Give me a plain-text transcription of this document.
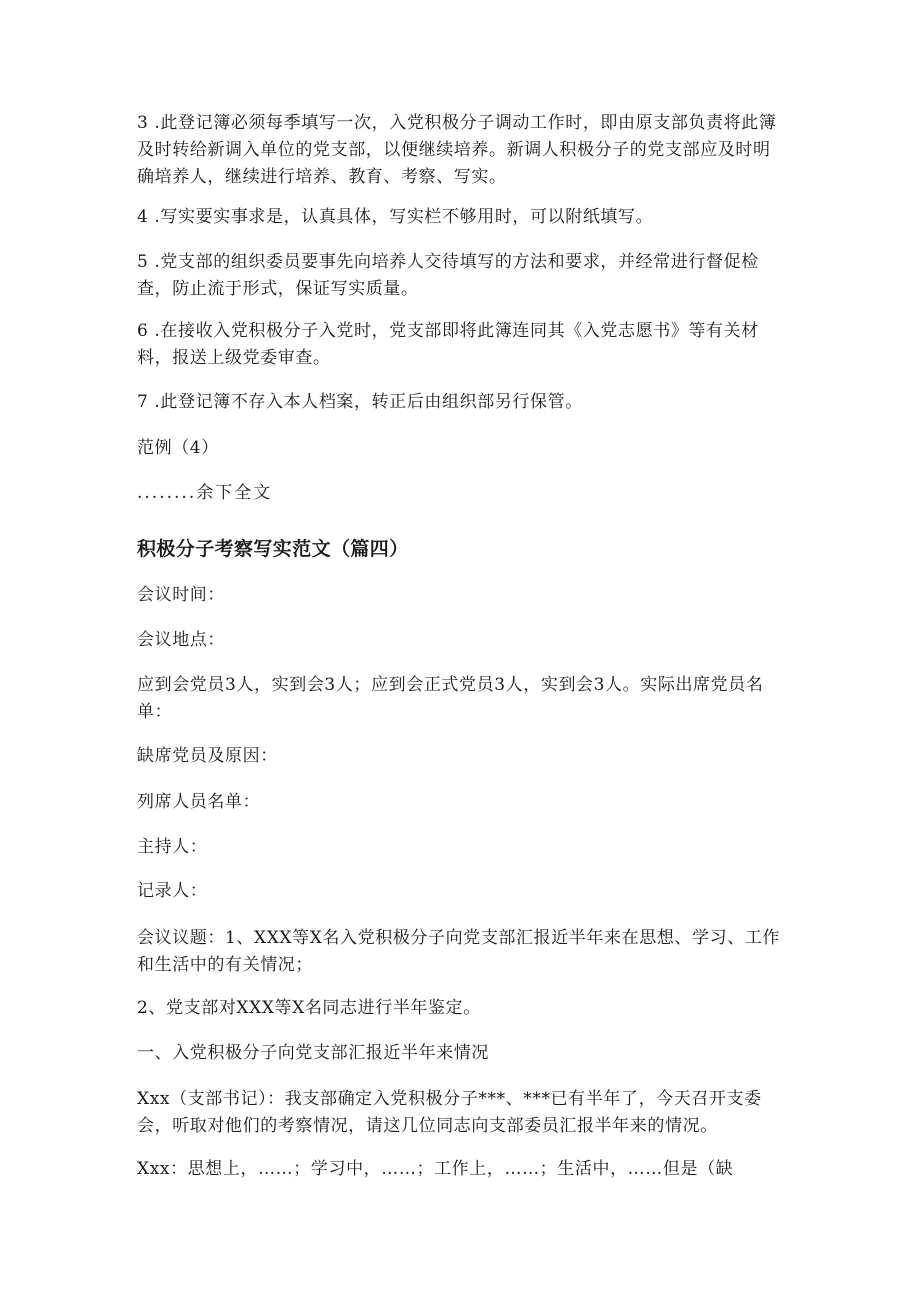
3 .此登记簿必须每季填写一次，入党积极分子调动工作时，即由原支部负责将此簿及时转给新调入单位的党支部，以便继续培养。新调人积极分子的党支部应及时明确培养人，继续进行培养、教育、考察、写实。
4 .写实要实事求是，认真具体，写实栏不够用时，可以附纸填写。
5 .党支部的组织委员要事先向培养人交待填写的方法和要求，并经常进行督促检查，防止流于形式，保证写实质量。
6 .在接收入党积极分子入党时，党支部即将此簿连同其《入党志愿书》等有关材料，报送上级党委审查。
7 .此登记簿不存入本人档案，转正后由组织部另行保管。
范例（4）
........余下全文
积极分子考察写实范文（篇四）
会议时间：
会议地点：
应到会党员3人，实到会3人；应到会正式党员3人，实到会3人。实际出席党员名单：
缺席党员及原因：
列席人员名单：
主持人：
记录人：
会议议题：1、XXX等X名入党积极分子向党支部汇报近半年来在思想、学习、工作和生活中的有关情况；
2、党支部对XXX等X名同志进行半年鉴定。
一、入党积极分子向党支部汇报近半年来情况
Xxx（支部书记）：我支部确定入党积极分子***、***已有半年了，今天召开支委会，听取对他们的考察情况，请这几位同志向支部委员汇报半年来的情况。
Xxx：思想上，……；学习中，……；工作上，……；生活中，……但是（缺
